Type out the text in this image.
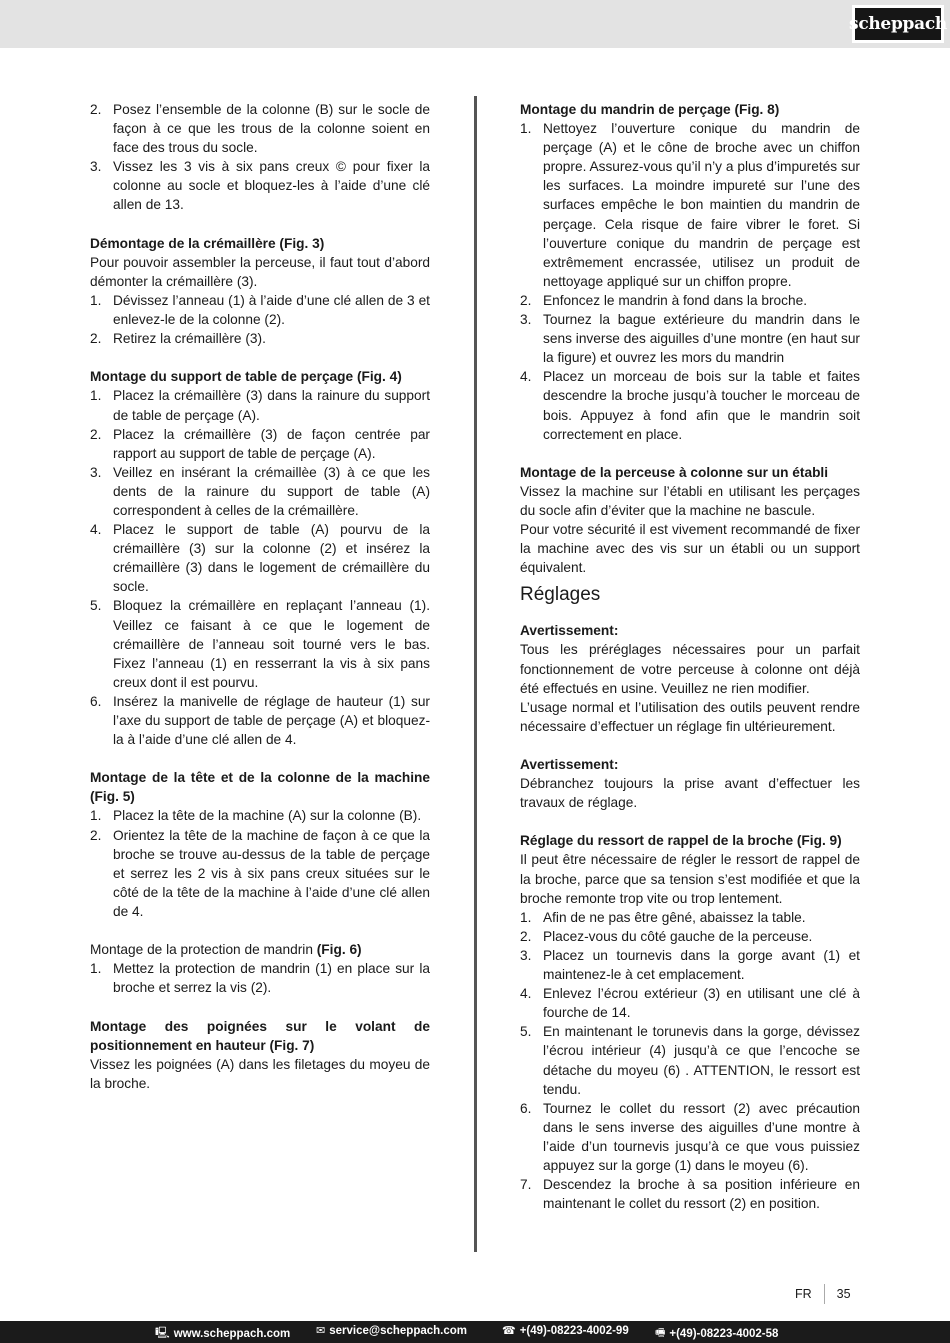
scheppach
2. Posez l’ensemble de la colonne (B) sur le socle de façon à ce que les trous de la colonne soient en face des trous du socle.
3. Vissez les 3 vis à six pans creux © pour fixer la colonne au socle et bloquez-les à l’aide d’une clé allen de 13.

Démontage de la crémaillère (Fig. 3)

Pour pouvoir assembler la perceuse, il faut tout d’abord démonter la crémaillère (3).

1. Dévissez l’anneau (1) à l’aide d’une clé allen de 3 et enlevez-le de la colonne (2).
2. Retirez la crémaillère (3).

Montage du support de table de perçage (Fig. 4)

1. Placez la crémaillère (3) dans la rainure du support de table de perçage (A).
2. Placez la crémaillère (3) de façon centrée par rapport au support de table de perçage (A).
3. Veillez en insérant la crémaillèe (3) à ce que les dents de la rainure du support de table (A) correspondent à celles de la crémaillère.
4. Placez le support de table (A) pourvu de la crémaillère (3) sur la colonne (2) et insérez la crémaillère (3) dans le logement de crémaillère du socle.
5. Bloquez la crémaillère en replaçant l’anneau (1). Veillez ce faisant à ce que le logement de crémaillère de l’anneau soit tourné vers le bas. Fixez l’anneau (1) en resserrant la vis à six pans creux dont il est pourvu.
6. Insérez la manivelle de réglage de hauteur (1) sur l’axe du support de table de perçage (A) et bloquez-la à l’aide d’une clé allen de 4.

Montage de la tête et de la colonne de la machine (Fig. 5)

1. Placez la tête de la machine (A) sur la colonne (B).
2. Orientez la tête de la machine de façon à ce que la broche se trouve au-dessus de la table de perçage et serrez les 2 vis à six pans creux situées sur le côté de la tête de la machine à l’aide d’une clé allen de 4.

Montage de la protection de mandrin (Fig. 6)

1. Mettez la protection de mandrin (1) en place sur la broche et serrez la vis (2).

Montage des poignées sur le volant de positionnement en hauteur (Fig. 7)

Vissez les poignées (A) dans les filetages du moyeu de la broche.

Montage du mandrin de perçage (Fig. 8)

1. Nettoyez l’ouverture conique du mandrin de perçage (A) et le cône de broche avec un chiffon propre. Assurez-vous qu’il n’y a plus d’impuretés sur les surfaces. La moindre impureté sur l’une des surfaces empêche le bon maintien du mandrin de perçage. Cela risque de faire vibrer le foret. Si l’ouverture conique du mandrin de perçage est extrêmement encrassée, utilisez un produit de nettoyage appliqué sur un chiffon propre.
2. Enfoncez le mandrin à fond dans la broche.
3. Tournez la bague extérieure du mandrin dans le sens inverse des aiguilles d’une montre (en haut sur la figure) et ouvrez les mors du mandrin
4. Placez un morceau de bois sur la table et faites descendre la broche jusqu’à toucher le morceau de bois. Appuyez à fond afin que le mandrin soit correctement en place.

Montage de la perceuse à colonne sur un établi

Vissez la machine sur l’établi en utilisant les perçages du socle afin d’éviter que la machine ne bascule.

Pour votre sécurité il est vivement recommandé de fixer la machine avec des vis sur un établi ou un support équivalent.

Réglages

Avertissement:

Tous les préréglages nécessaires pour un parfait fonctionnement de votre perceuse à colonne ont déjà été effectués en usine. Veuillez ne rien modifier.

L’usage normal et l’utilisation des outils peuvent rendre nécessaire d’effectuer un réglage fin ultérieurement.

Avertissement:

Débranchez toujours la prise avant d’effectuer les travaux de réglage.

Réglage du ressort de rappel de la broche (Fig. 9)

Il peut être nécessaire de régler le ressort de rappel de la broche, parce que sa tension s’est modifiée et que la broche remonte trop vite ou trop lentement.

1. Afin de ne pas être gêné, abaissez la table.
2. Placez-vous du côté gauche de la perceuse.
3. Placez un tournevis dans la gorge avant (1) et maintenez-le à cet emplacement.
4. Enlevez l’écrou extérieur (3) en utilisant une clé à fourche de 14.
5. En maintenant le torunevis dans la gorge, dévissez l’écrou intérieur (4) jusqu’à ce que l’encoche se détache du moyeu (6) . ATTENTION, le ressort est tendu.
6. Tournez le collet du ressort (2) avec précaution dans le sens inverse des aiguilles d’une montre à l’aide d’un tournevis jusqu’à ce que vous puissiez appuyez sur la gorge (1) dans le moyeu (6).
7. Descendez la broche à sa position inférieure en maintenant le collet du ressort (2) en position.
FR 35
🖳 www.scheppach.com ✉ service@scheppach.com	☎ +(49)-08223-4002-99 🖷 +(49)-08223-4002-58
